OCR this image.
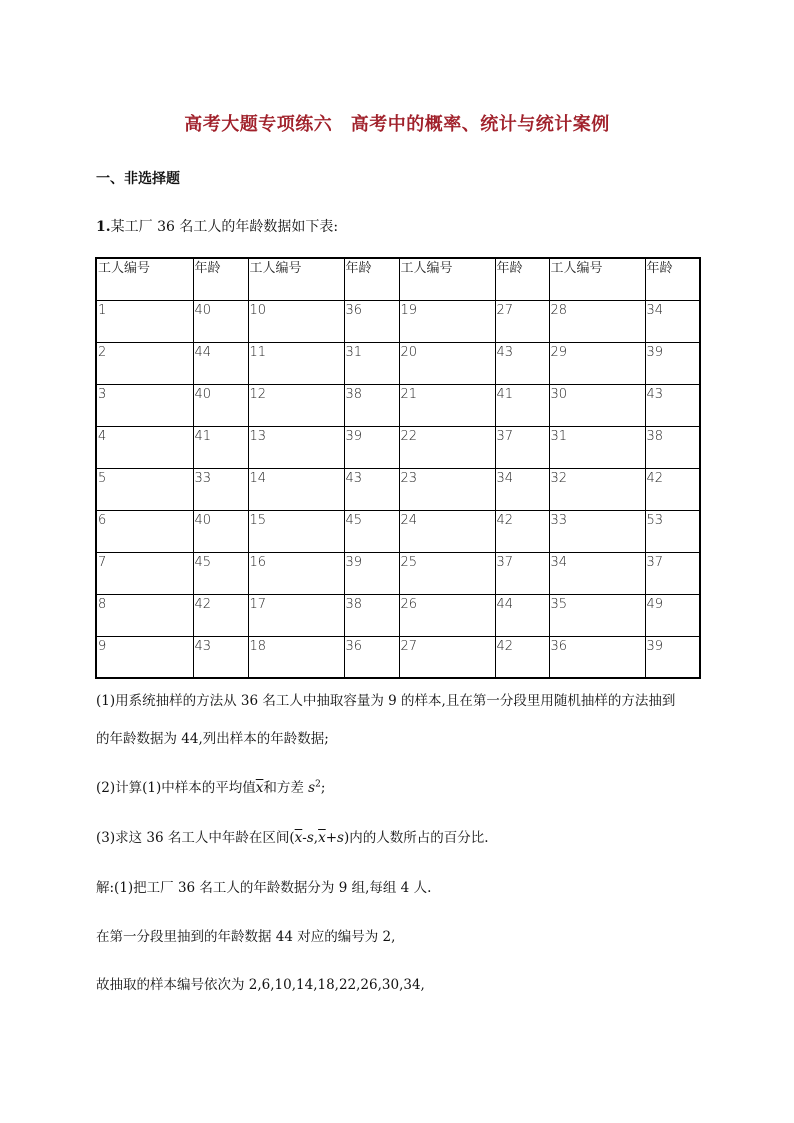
高考大题专项练六　高考中的概率、统计与统计案例
一、非选择题
1.某工厂 36 名工人的年龄数据如下表:
工人编号	年龄	工人编号	年龄	工人编号	年龄	工人编号	年龄
1	40	10	36	19	27	28	34
2	44	11	31	20	43	29	39
3	40	12	38	21	41	30	43
4	41	13	39	22	37	31	38
5	33	14	43	23	34	32	42
6	40	15	45	24	42	33	53
7	45	16	39	25	37	34	37
8	42	17	38	26	44	35	49
9	43	18	36	27	42	36	39
(1)用系统抽样的方法从 36 名工人中抽取容量为 9 的样本,且在第一分段里用随机抽样的方法抽到
的年龄数据为 44,列出样本的年龄数据;
(2)计算(1)中样本的平均值$\overline{x}$和方差 $s^2$;
(3)求这 36 名工人中年龄在区间$(\overline{x}-s,\overline{x}+s)$内的人数所占的百分比.
解:(1)把工厂 36 名工人的年龄数据分为 9 组,每组 4 人.
在第一分段里抽到的年龄数据 44 对应的编号为 2,
故抽取的样本编号依次为 2,6,10,14,18,22,26,30,34,
